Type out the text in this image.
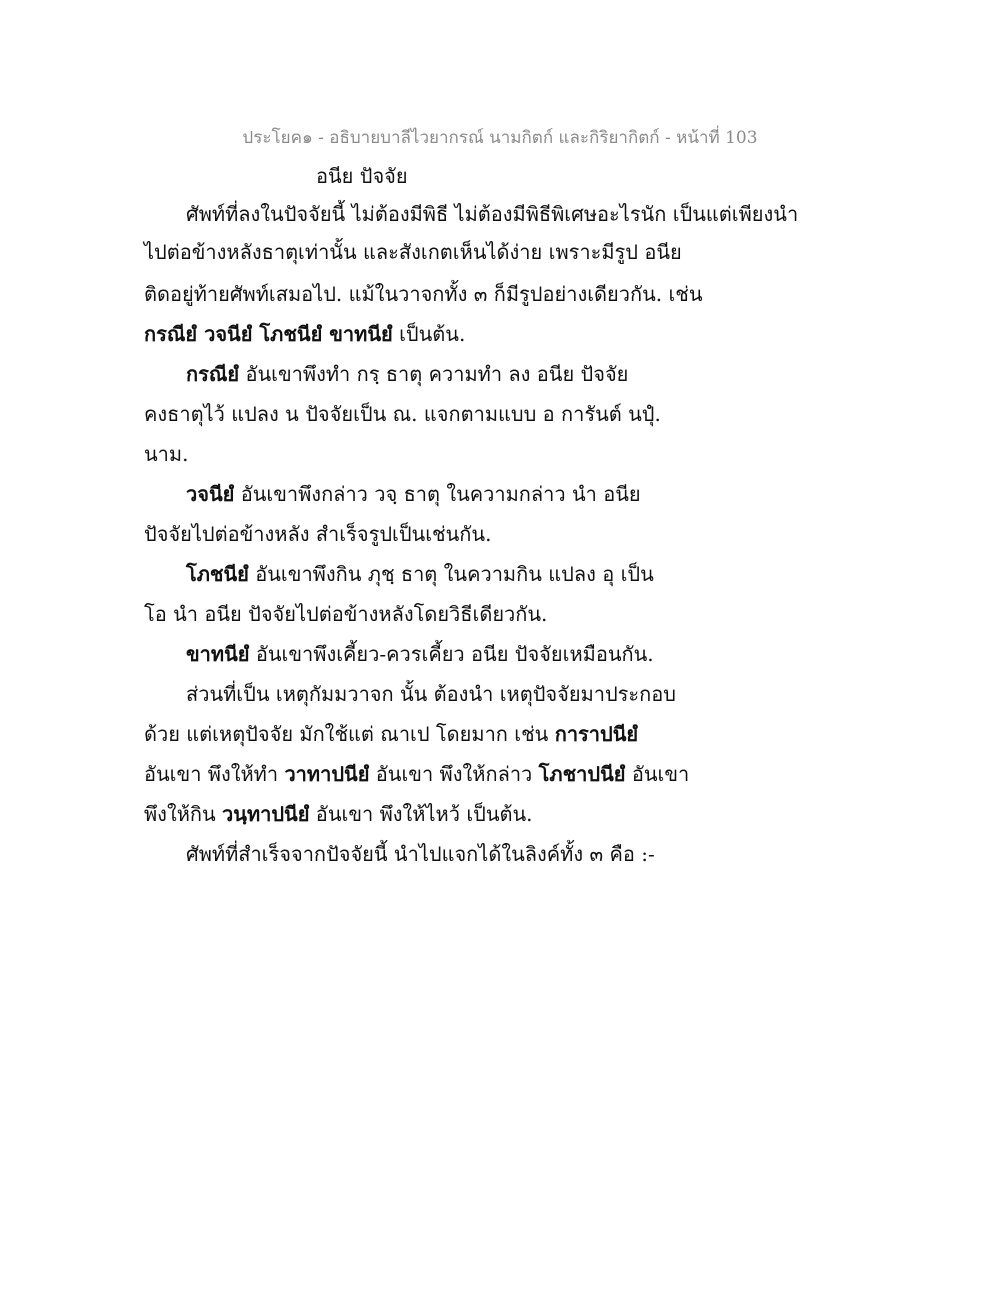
ประโยค๑ - อธิบายบาลีไวยากรณ์ นามกิตก์ และกิริยากิตก์ - หน้าที่ 103
อนีย ปัจจัย
ศัพท์ที่ลงในปัจจัยนี้ ไม่ต้องมีพิธี ไม่ต้องมีพิธีพิเศษอะไรนัก เป็นแต่เพียงนำ
ไปต่อข้างหลังธาตุเท่านั้น และสังเกตเห็นได้ง่าย เพราะมีรูป อนีย
ติดอยู่ท้ายศัพท์เสมอไป. แม้ในวาจกทั้ง ๓ ก็มีรูปอย่างเดียวกัน. เช่น
กรณียํ วจนียํ โภชนียํ ขาทนียํ เป็นต้น.
กรณียํ อันเขาพึงทำ กรฺ ธาตุ ความทำ ลง อนีย ปัจจัย
คงธาตุไว้ แปลง น ปัจจัยเป็น ณ. แจกตามแบบ อ การันต์ นปุํ.
นาม.
วจนียํ อันเขาพึงกล่าว วจฺ ธาตุ ในความกล่าว นำ อนีย
ปัจจัยไปต่อข้างหลัง สำเร็จรูปเป็นเช่นกัน.
โภชนียํ อันเขาพึงกิน ภุชฺ ธาตุ ในความกิน แปลง อุ เป็น
โอ นำ อนีย ปัจจัยไปต่อข้างหลังโดยวิธีเดียวกัน.
ขาทนียํ อันเขาพึงเคี้ยว-ควรเคี้ยว อนีย ปัจจัยเหมือนกัน.
ส่วนที่เป็น เหตุกัมมวาจก นั้น ต้องนำ เหตุปัจจัยมาประกอบ
ด้วย แต่เหตุปัจจัย มักใช้แต่ ณาเป โดยมาก เช่น การาปนียํ
อันเขา พึงให้ทำ วาทาปนียํ อันเขา พึงให้กล่าว โภชาปนียํ อันเขา
พึงให้กิน วนฺทาปนียํ อันเขา พึงให้ไหว้ เป็นต้น.
ศัพท์ที่สำเร็จจากปัจจัยนี้ นำไปแจกได้ในลิงค์ทั้ง ๓ คือ :-
